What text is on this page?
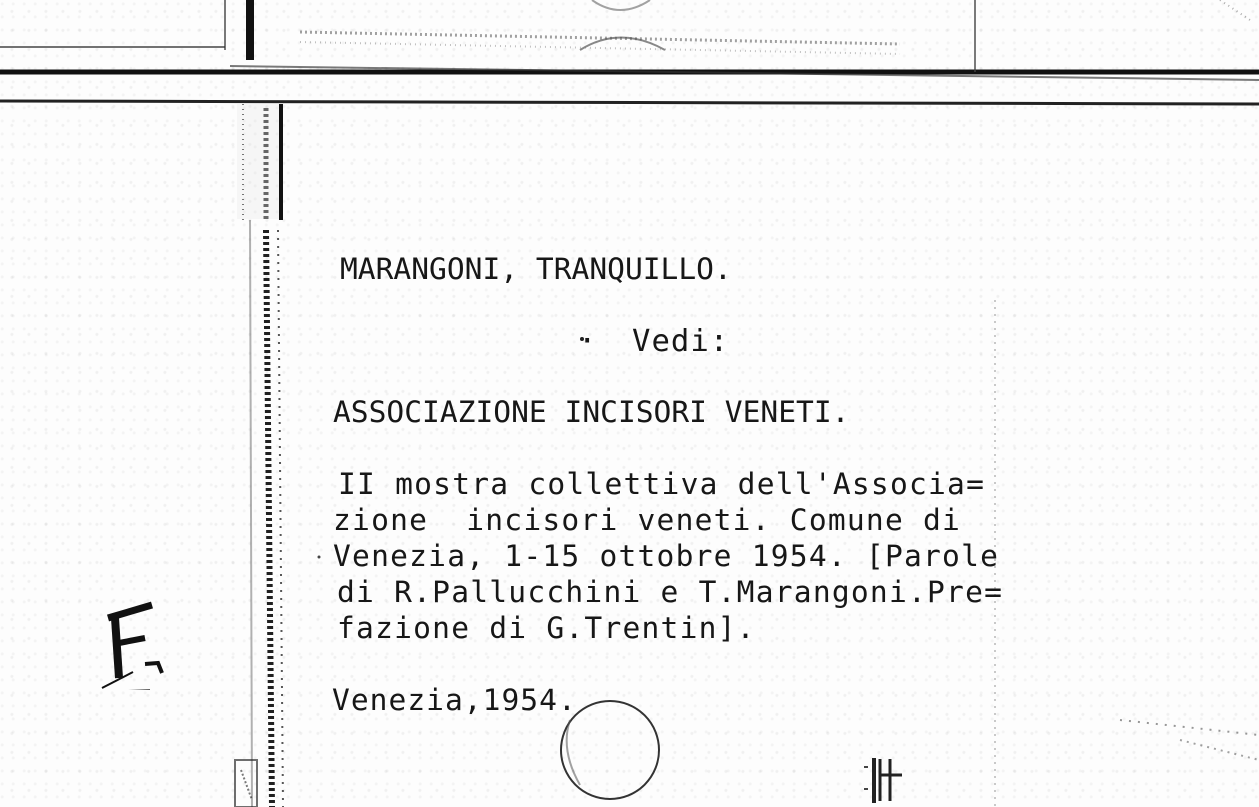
MARANGONI, TRANQUILLO.
· Vedi:
ASSOCIAZIONE INCISORI VENETI.
II mostra collettiva dell'Associa=
zione  incisori veneti. Comune di
Venezia, 1-15 ottobre 1954. [Parole
di R.Pallucchini e T.Marangoni.Pre=
fazione di G.Trentin].
Venezia,1954.
